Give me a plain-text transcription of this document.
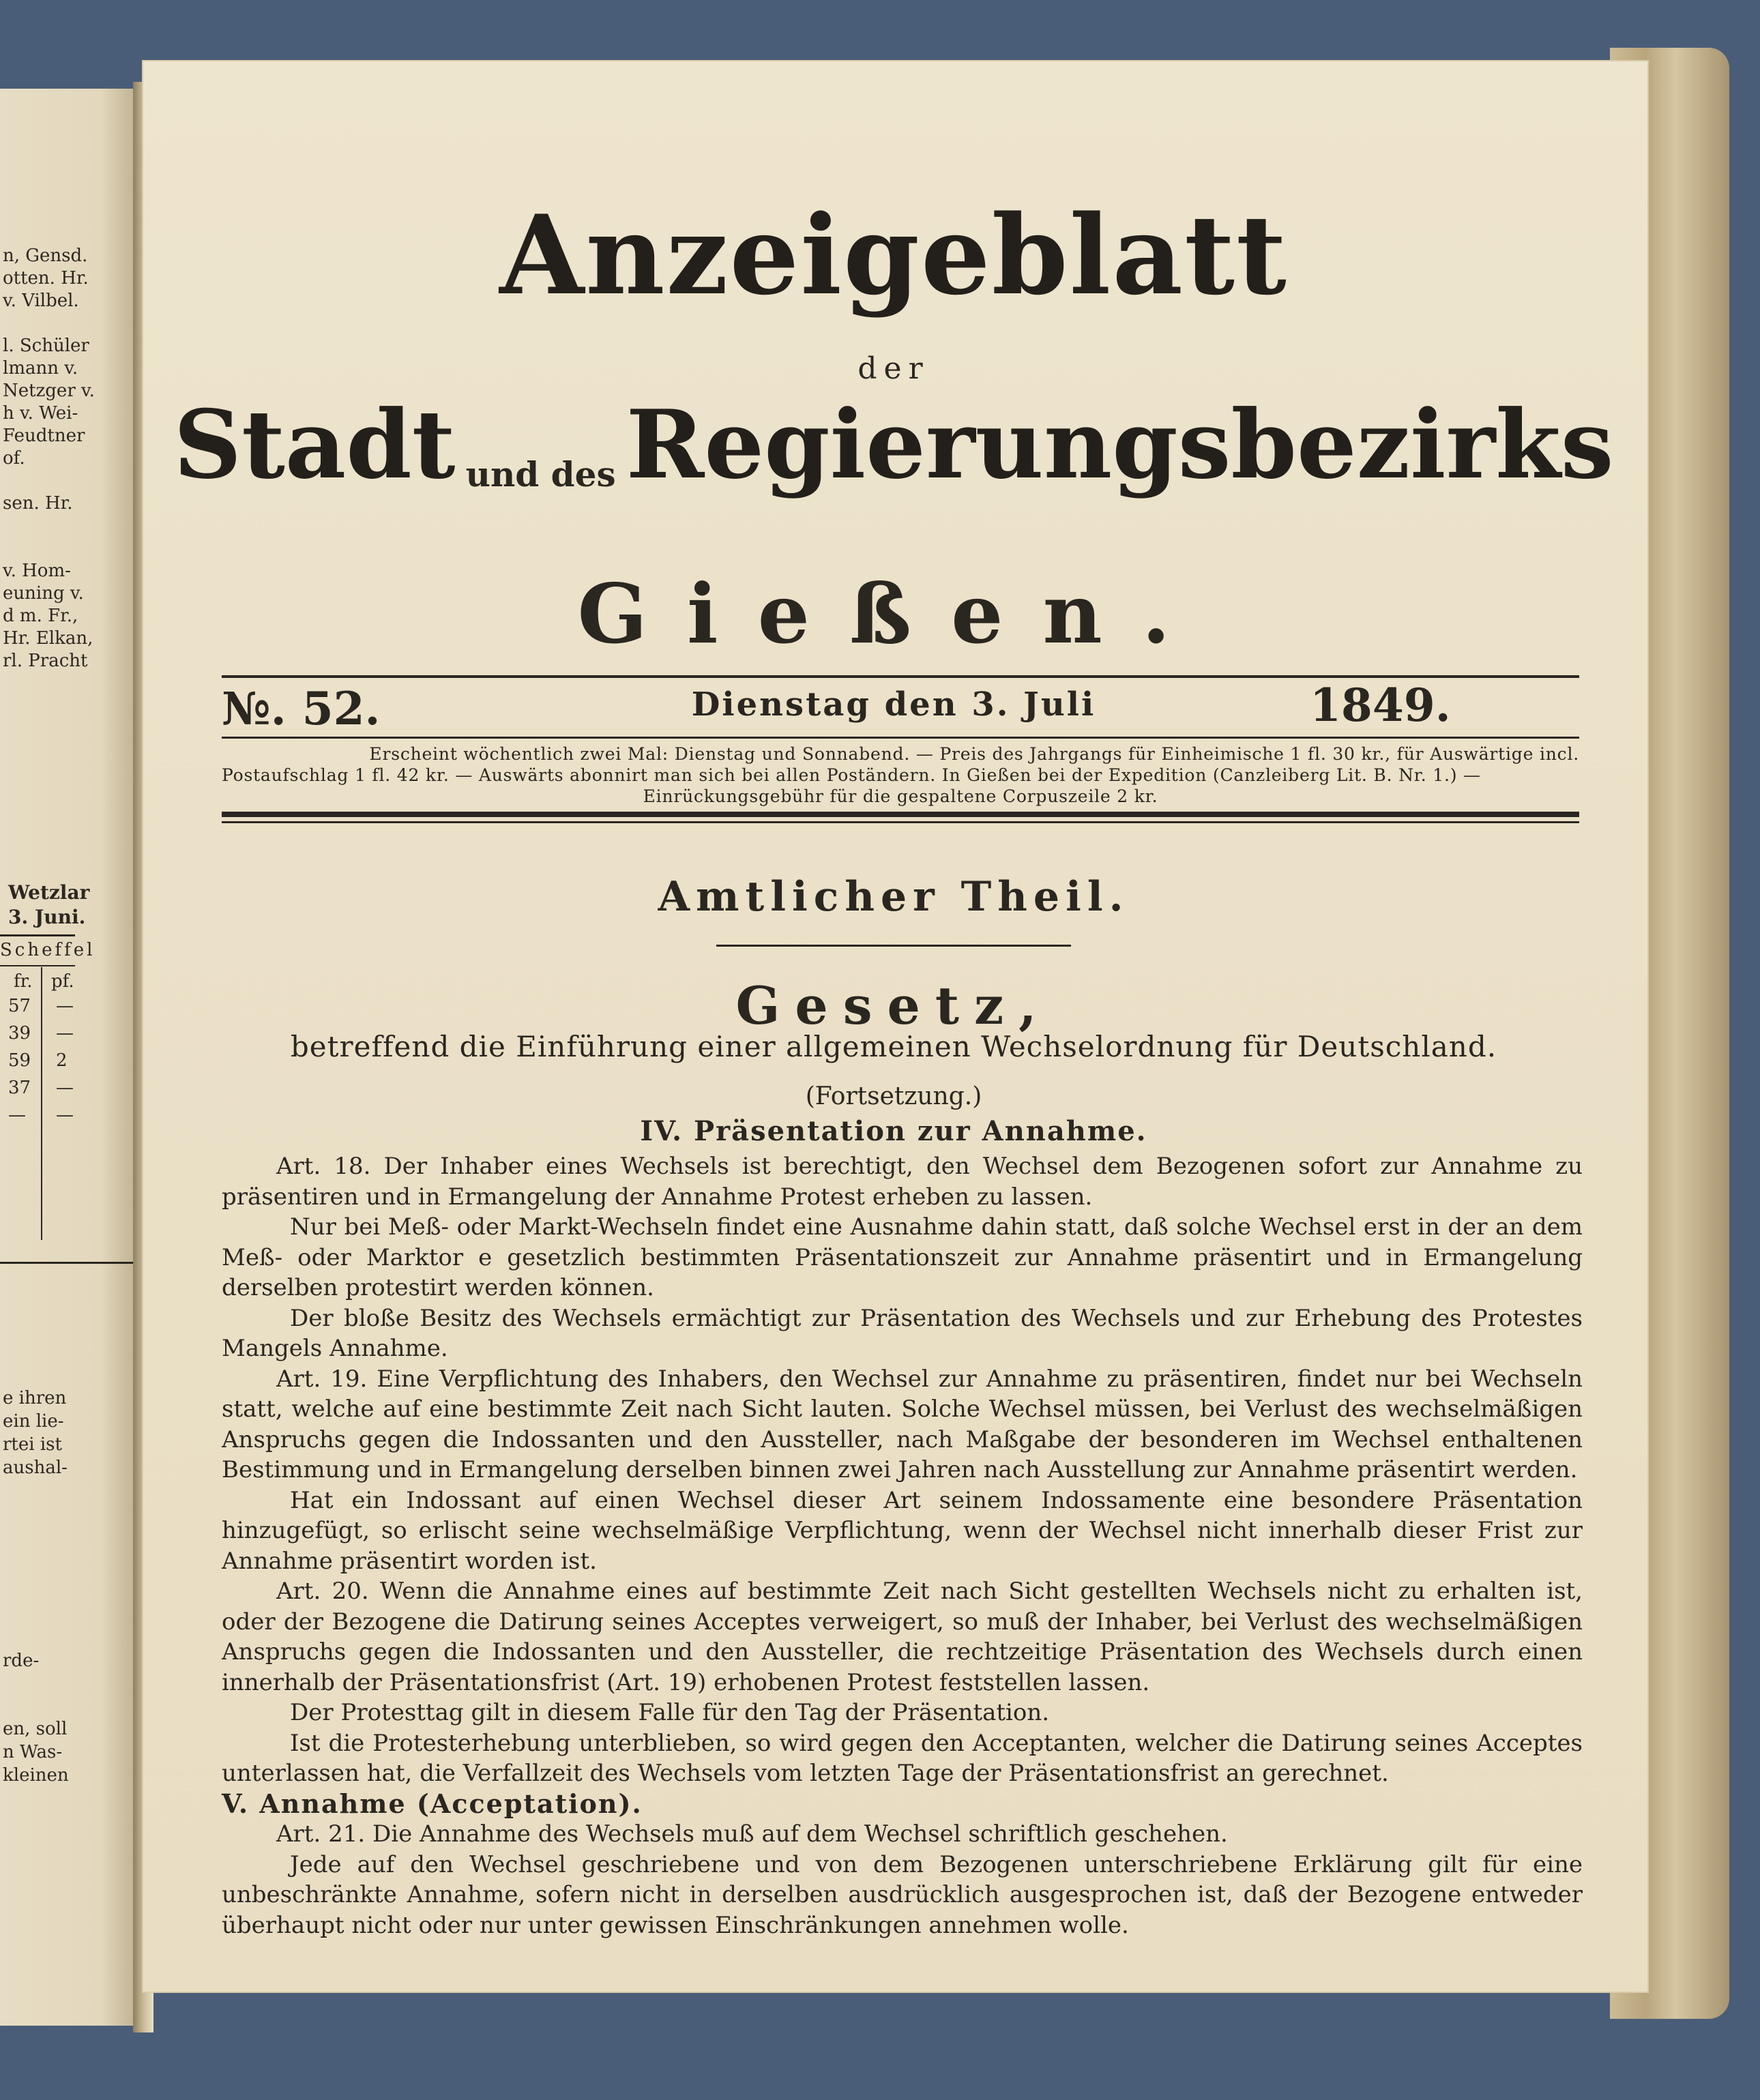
n, Gensd.
otten. Hr.
v. Vilbel.
l. Schüler
lmann v.
Netzger v.
h v. Wei-
Feudtner
of.
sen. Hr.
v. Hom-
euning v.
d m. Fr.,
Hr. Elkan,
rl. Pracht
Wetzlar
3. Juni.
Scheffel
fr. pf.
57 —
39 —
59 2
37 —
— —
e ihren
ein lie-
rtei ist
aushal-
rde-
en, soll
n Was-
kleinen
Anzeigeblatt
der
Stadt und des Regierungsbezirks
Gießen.
№. 52.	Dienstag den 3. Juli	1849.
Erscheint wöchentlich zwei Mal: Dienstag und Sonnabend. — Preis des Jahrgangs für Einheimische 1 fl. 30 kr., für Auswärtige incl.
Postaufschlag 1 fl. 42 kr. — Auswärts abonnirt man sich bei allen Poständern. In Gießen bei der Expedition (Canzleiberg Lit. B. Nr. 1.) —
Einrückungsgebühr für die gespaltene Corpuszeile 2 kr.
Amtlicher Theil.
Gesetz,
betreffend die Einführung einer allgemeinen Wechselordnung für Deutschland.
(Fortsetzung.)
IV. Präsentation zur Annahme.

Art. 18. Der Inhaber eines Wechsels ist berechtigt, den Wechsel dem Bezogenen sofort zur Annahme zu präsentiren und in Ermangelung der Annahme Protest erheben zu lassen.

Nur bei Meß- oder Markt-Wechseln findet eine Ausnahme dahin statt, daß solche Wechsel erst in der an dem Meß- oder Marktor e gesetzlich bestimmten Präsentationszeit zur Annahme präsentirt und in Ermangelung derselben protestirt werden können.

Der bloße Besitz des Wechsels ermächtigt zur Präsentation des Wechsels und zur Erhebung des Protestes Mangels Annahme.

Art. 19. Eine Verpflichtung des Inhabers, den Wechsel zur Annahme zu präsentiren, findet nur bei Wechseln statt, welche auf eine bestimmte Zeit nach Sicht lauten. Solche Wechsel müssen, bei Verlust des wechselmäßigen Anspruchs gegen die Indossanten und den Aussteller, nach Maßgabe der besonderen im Wechsel enthaltenen Bestimmung und in Ermangelung derselben binnen zwei Jahren nach Ausstellung zur Annahme präsentirt werden.

Hat ein Indossant auf einen Wechsel dieser Art seinem Indossamente eine besondere Präsentation hinzugefügt, so erlischt seine wechselmäßige Verpflichtung, wenn der Wechsel nicht innerhalb dieser Frist zur Annahme präsentirt worden ist.

Art. 20. Wenn die Annahme eines auf bestimmte Zeit nach Sicht gestellten Wechsels nicht zu erhalten ist, oder der Bezogene die Datirung seines Acceptes verweigert, so muß der Inhaber, bei Verlust des wechselmäßigen Anspruchs gegen die Indossanten und den Aussteller, die rechtzeitige Präsentation des Wechsels durch einen innerhalb der Präsentationsfrist (Art. 19) erhobenen Protest feststellen lassen.

Der Protesttag gilt in diesem Falle für den Tag der Präsentation.

Ist die Protesterhebung unterblieben, so wird gegen den Acceptanten, welcher die Datirung seines Acceptes unterlassen hat, die Verfallzeit des Wechsels vom letzten Tage der Präsentationsfrist an gerechnet.

V. Annahme (Acceptation).

Art. 21. Die Annahme des Wechsels muß auf dem Wechsel schriftlich geschehen.

Jede auf den Wechsel geschriebene und von dem Bezogenen unterschriebene Erklärung gilt für eine unbeschränkte Annahme, sofern nicht in derselben ausdrücklich ausgesprochen ist, daß der Bezogene entweder überhaupt nicht oder nur unter gewissen Einschränkungen annehmen wolle.
